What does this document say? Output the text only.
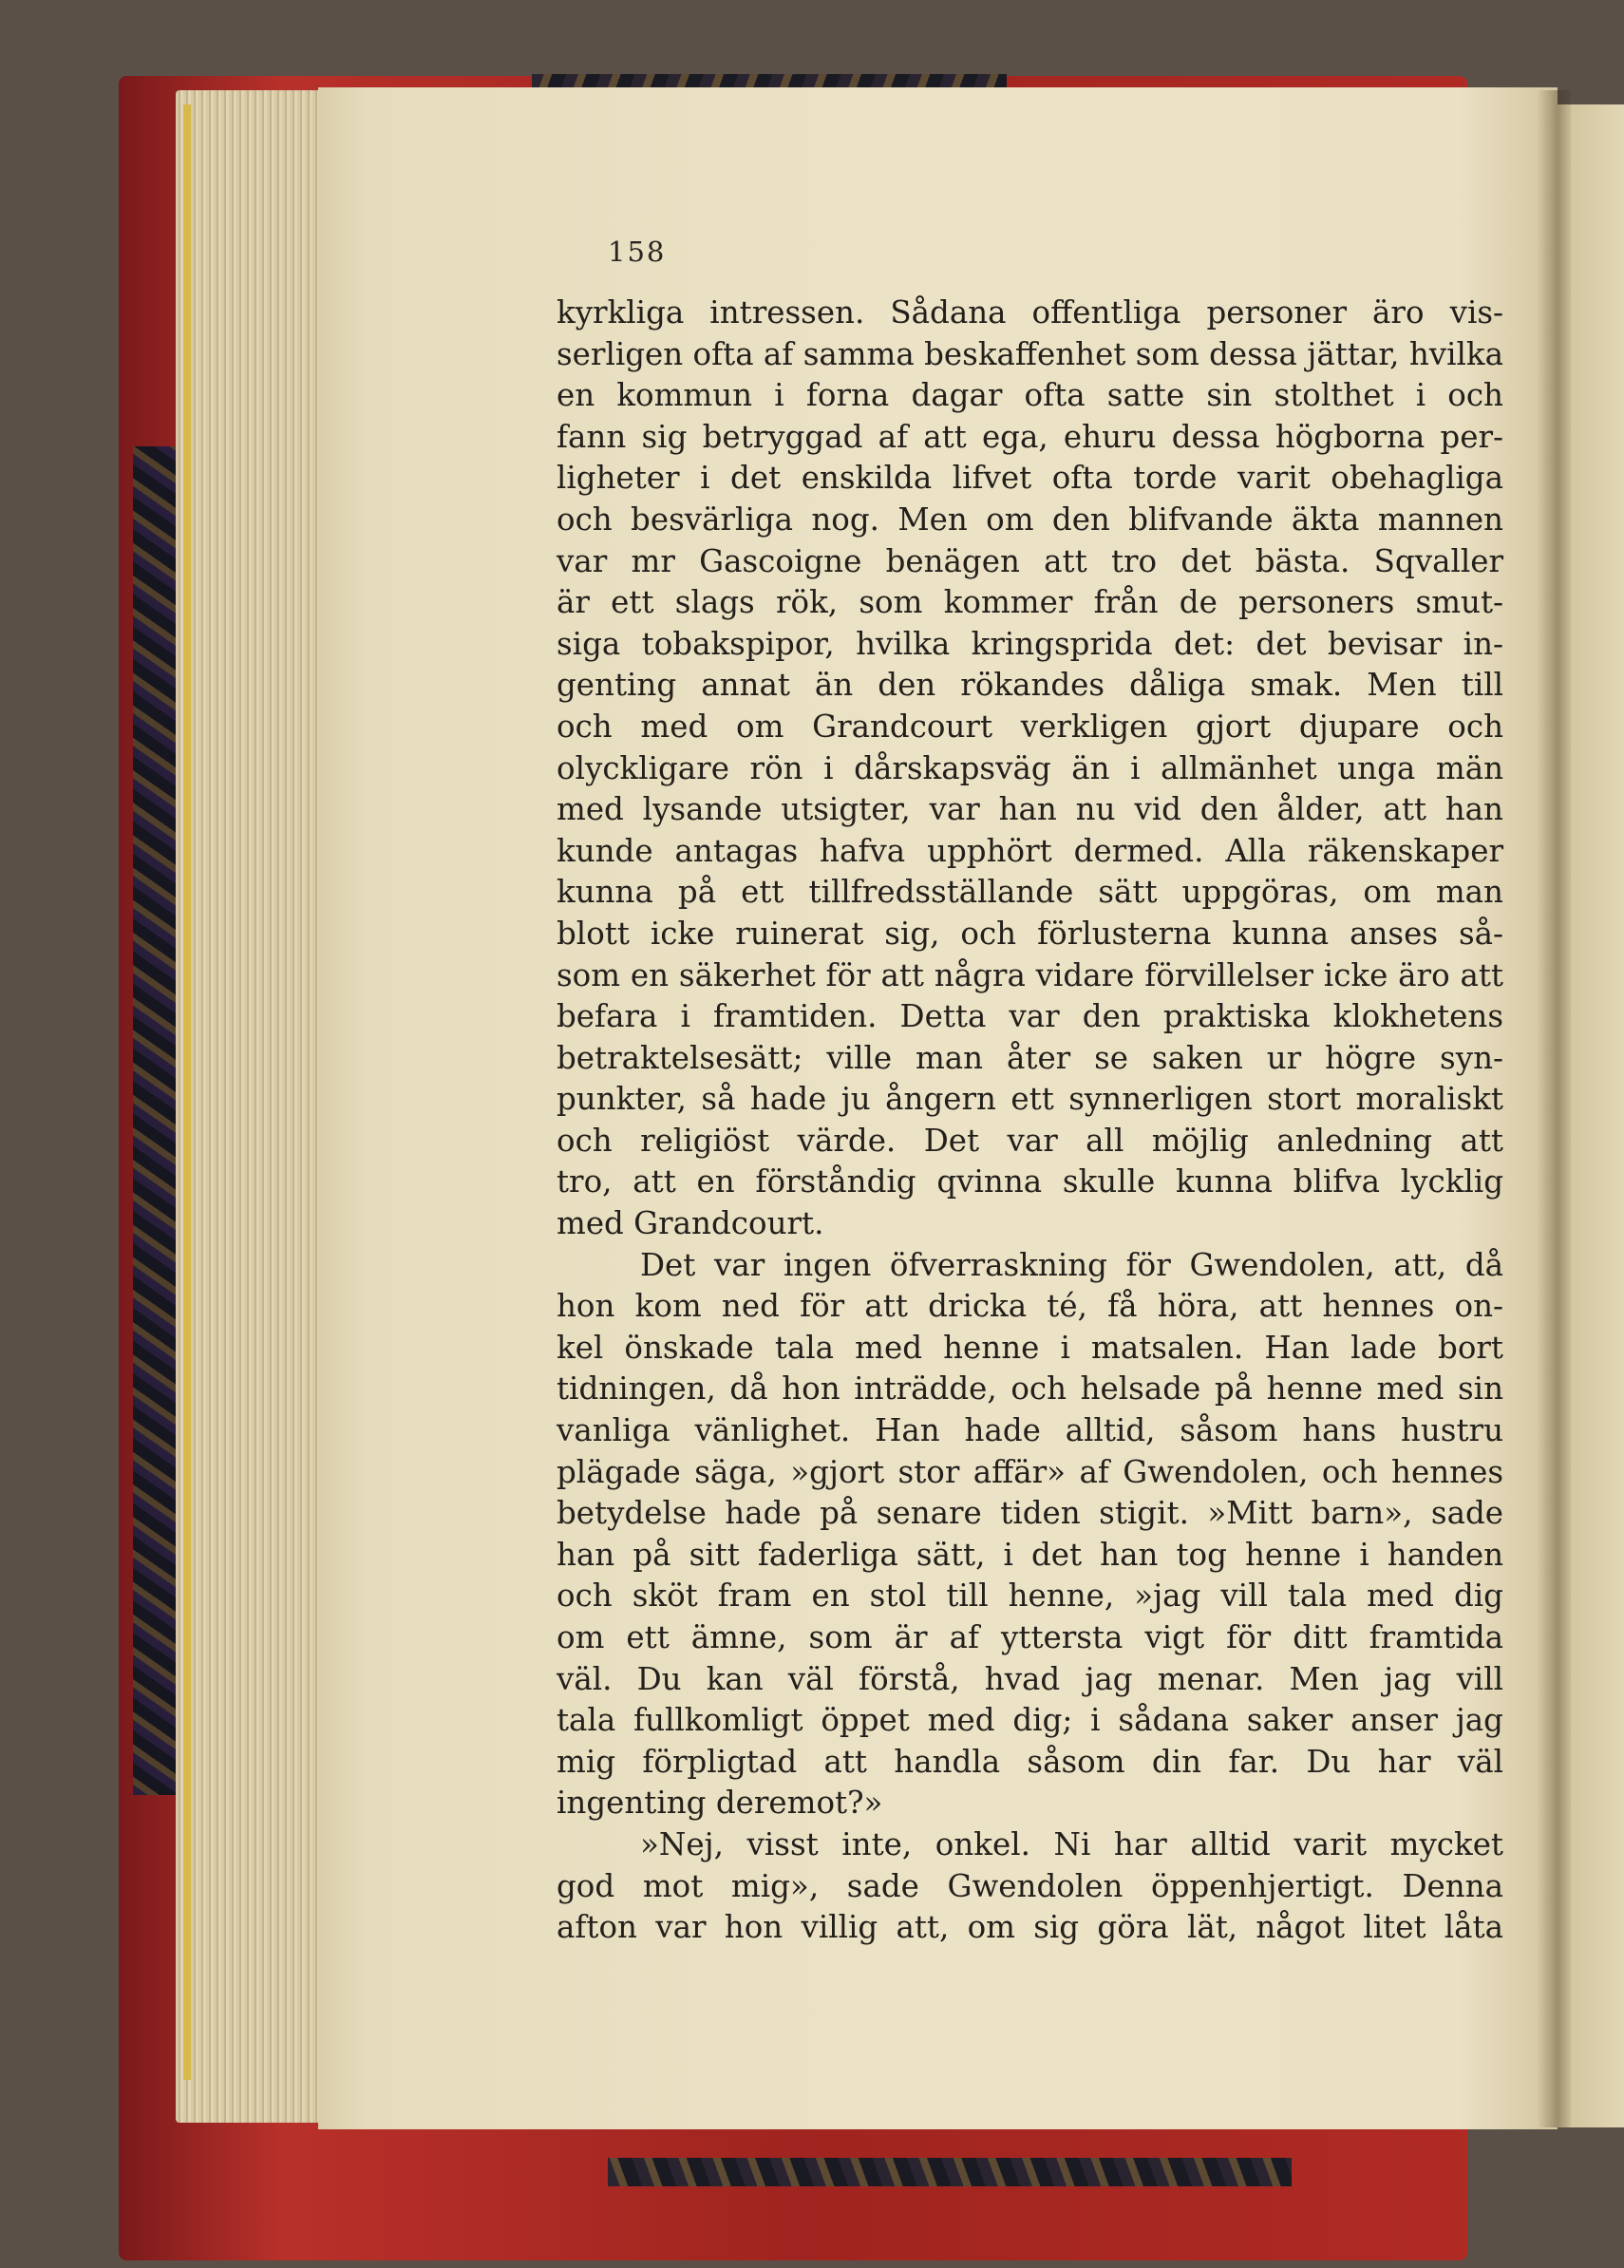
158
kyrkliga intressen. Sådana offentliga personer äro vis-
serligen ofta af samma beskaffenhet som dessa jättar, hvilka
en kommun i forna dagar ofta satte sin stolthet i och
fann sig betryggad af att ega, ehuru dessa högborna per-
ligheter i det enskilda lifvet ofta torde varit obehagliga
och besvärliga nog. Men om den blifvande äkta mannen
var mr Gascoigne benägen att tro det bästa. Sqvaller
är ett slags rök, som kommer från de personers smut-
siga tobakspipor, hvilka kringsprida det: det bevisar in-
genting annat än den rökandes dåliga smak. Men till
och med om Grandcourt verkligen gjort djupare och
olyckligare rön i dårskapsväg än i allmänhet unga män
med lysande utsigter, var han nu vid den ålder, att han
kunde antagas hafva upphört dermed. Alla räkenskaper
kunna på ett tillfredsställande sätt uppgöras, om man
blott icke ruinerat sig, och förlusterna kunna anses så-
som en säkerhet för att några vidare förvillelser icke äro att
befara i framtiden. Detta var den praktiska klokhetens
betraktelsesätt; ville man åter se saken ur högre syn-
punkter, så hade ju ångern ett synnerligen stort moraliskt
och religiöst värde. Det var all möjlig anledning att
tro, att en förståndig qvinna skulle kunna blifva lycklig
med Grandcourt.
Det var ingen öfverraskning för Gwendolen, att, då
hon kom ned för att dricka té, få höra, att hennes on-
kel önskade tala med henne i matsalen. Han lade bort
tidningen, då hon inträdde, och helsade på henne med sin
vanliga vänlighet. Han hade alltid, såsom hans hustru
plägade säga, »gjort stor affär» af Gwendolen, och hennes
betydelse hade på senare tiden stigit. »Mitt barn», sade
han på sitt faderliga sätt, i det han tog henne i handen
och sköt fram en stol till henne, »jag vill tala med dig
om ett ämne, som är af yttersta vigt för ditt framtida
väl. Du kan väl förstå, hvad jag menar. Men jag vill
tala fullkomligt öppet med dig; i sådana saker anser jag
mig förpligtad att handla såsom din far. Du har väl
ingenting deremot?»
»Nej, visst inte, onkel. Ni har alltid varit mycket
god mot mig», sade Gwendolen öppenhjertigt. Denna
afton var hon villig att, om sig göra lät, något litet låta
